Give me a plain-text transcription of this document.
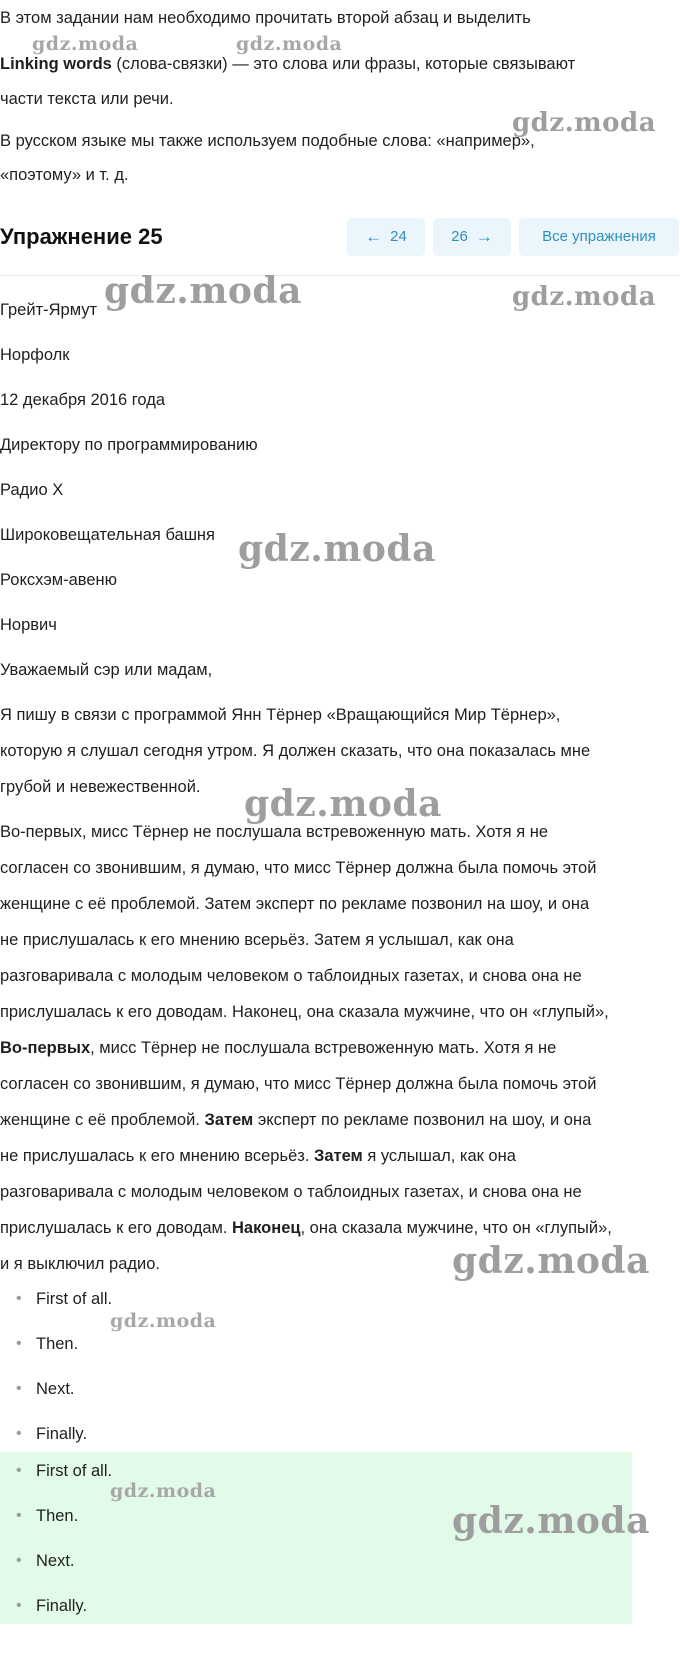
В этом задании нам необходимо прочитать второй абзац и выделить
Linking words (слова-связки) — это слова или фразы, которые связывают
части текста или речи.
В русском языке мы также используем подобные слова: «например»,
«поэтому» и т. д.
Упражнение 25	← 24	26 →	Все упражнения
Грейт-Ярмут
Норфолк
12 декабря 2016 года
Директору по программированию
Радио Х
Широковещательная башня
Роксхэм-авеню
Норвич
Уважаемый сэр или мадам,
Я пишу в связи с программой Янн Тёрнер «Вращающийся Мир Тёрнер»,
которую я слушал сегодня утром. Я должен сказать, что она показалась мне
грубой и невежественной.
Во-первых, мисс Тёрнер не послушала встревоженную мать. Хотя я не
согласен со звонившим, я думаю, что мисс Тёрнер должна была помочь этой
женщине с её проблемой. Затем эксперт по рекламе позвонил на шоу, и она
не прислушалась к его мнению всерьёз. Затем я услышал, как она
разговаривала с молодым человеком о таблоидных газетах, и снова она не
прислушалась к его доводам. Наконец, она сказала мужчине, что он «глупый»,
Во-первых, мисс Тёрнер не послушала встревоженную мать. Хотя я не
согласен со звонившим, я думаю, что мисс Тёрнер должна была помочь этой
женщине с её проблемой. Затем эксперт по рекламе позвонил на шоу, и она
не прислушалась к его мнению всерьёз. Затем я услышал, как она
разговаривала с молодым человеком о таблоидных газетах, и снова она не
прислушалась к его доводам. Наконец, она сказала мужчине, что он «глупый»,
и я выключил радио.
• First of all.
• Then.
• Next.
• Finally.
• First of all.
• Then.
• Next.
• Finally.
gdz.moda	gdz.moda
gdz.moda
gdz.moda	gdz.moda
gdz.moda
gdz.moda
gdz.moda
gdz.moda
gdz.moda
gdz.moda
